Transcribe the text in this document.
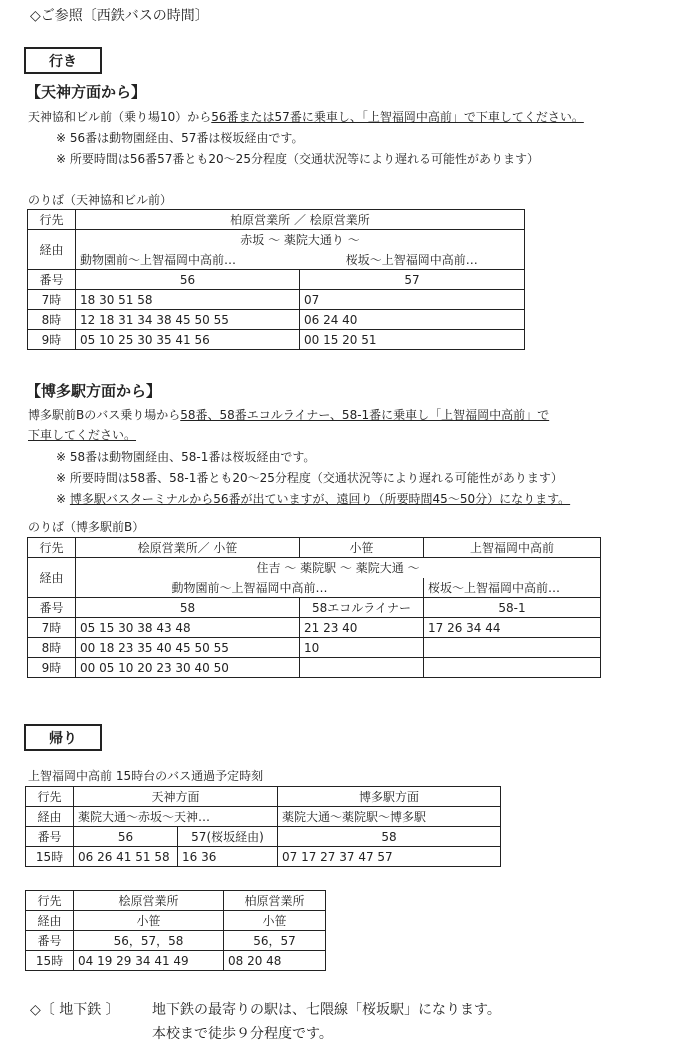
◇ご参照〔西鉄バスの時間〕
行き
【天神方面から】
天神協和ビル前（乗り場10）から56番または57番に乗車し、「上智福岡中高前」で下車してください。
※ 56番は動物園経由、57番は桜坂経由です。
※ 所要時間は56番57番とも20〜25分程度（交通状況等により遅れる可能性があります）
のりば（天神協和ビル前）
行先	柏原営業所 ／ 桧原営業所	
経由	赤坂 〜 薬院大通り 〜	
	動物園前〜上智福岡中高前…	桜坂〜上智福岡中高前…
番号	56	57
7時	18 30 51 58	07
8時	12 18 31 34 38 45 50 55	06 24 40
9時	05 10 25 30 35 41 56	00 15 20 51
【博多駅方面から】
博多駅前Bのバス乗り場から58番、58番エコルライナー、58-1番に乗車し「上智福岡中高前」で
下車してください。
※ 58番は動物園経由、58-1番は桜坂経由です。
※ 所要時間は58番、58-1番とも20〜25分程度（交通状況等により遅れる可能性があります）
※ 博多駅バスターミナルから56番が出ていますが、遠回り（所要時間45〜50分）になります。
のりば（博多駅前B）
行先	桧原営業所／ 小笹	小笹	上智福岡中高前
経由	住吉 〜 薬院駅 〜 薬院大通 〜		
	動物園前〜上智福岡中高前…		桜坂〜上智福岡中高前…
番号	58	58エコルライナー	58-1
7時	05 15 30 38 43 48	21 23 40	17 26 34 44
8時	00 18 23 35 40 45 50 55	10	
9時	00 05 10 20 23 30 40 50		
帰り
上智福岡中高前 15時台のバス通過予定時刻
行先	天神方面		博多駅方面
経由	薬院大通〜赤坂〜天神…		薬院大通〜薬院駅〜博多駅
番号	56	57(桜坂経由)	58
15時	06 26 41 51 58	16 36	07 17 27 37 47 57
行先	桧原営業所	柏原営業所
経由	小笹	小笹
番号	56，57，58	56，57
15時	04 19 29 34 41 49	08 20 48
◇〔 地下鉄 〕 地下鉄の最寄りの駅は、七隈線「桜坂駅」になります。
本校まで徒歩９分程度です。
